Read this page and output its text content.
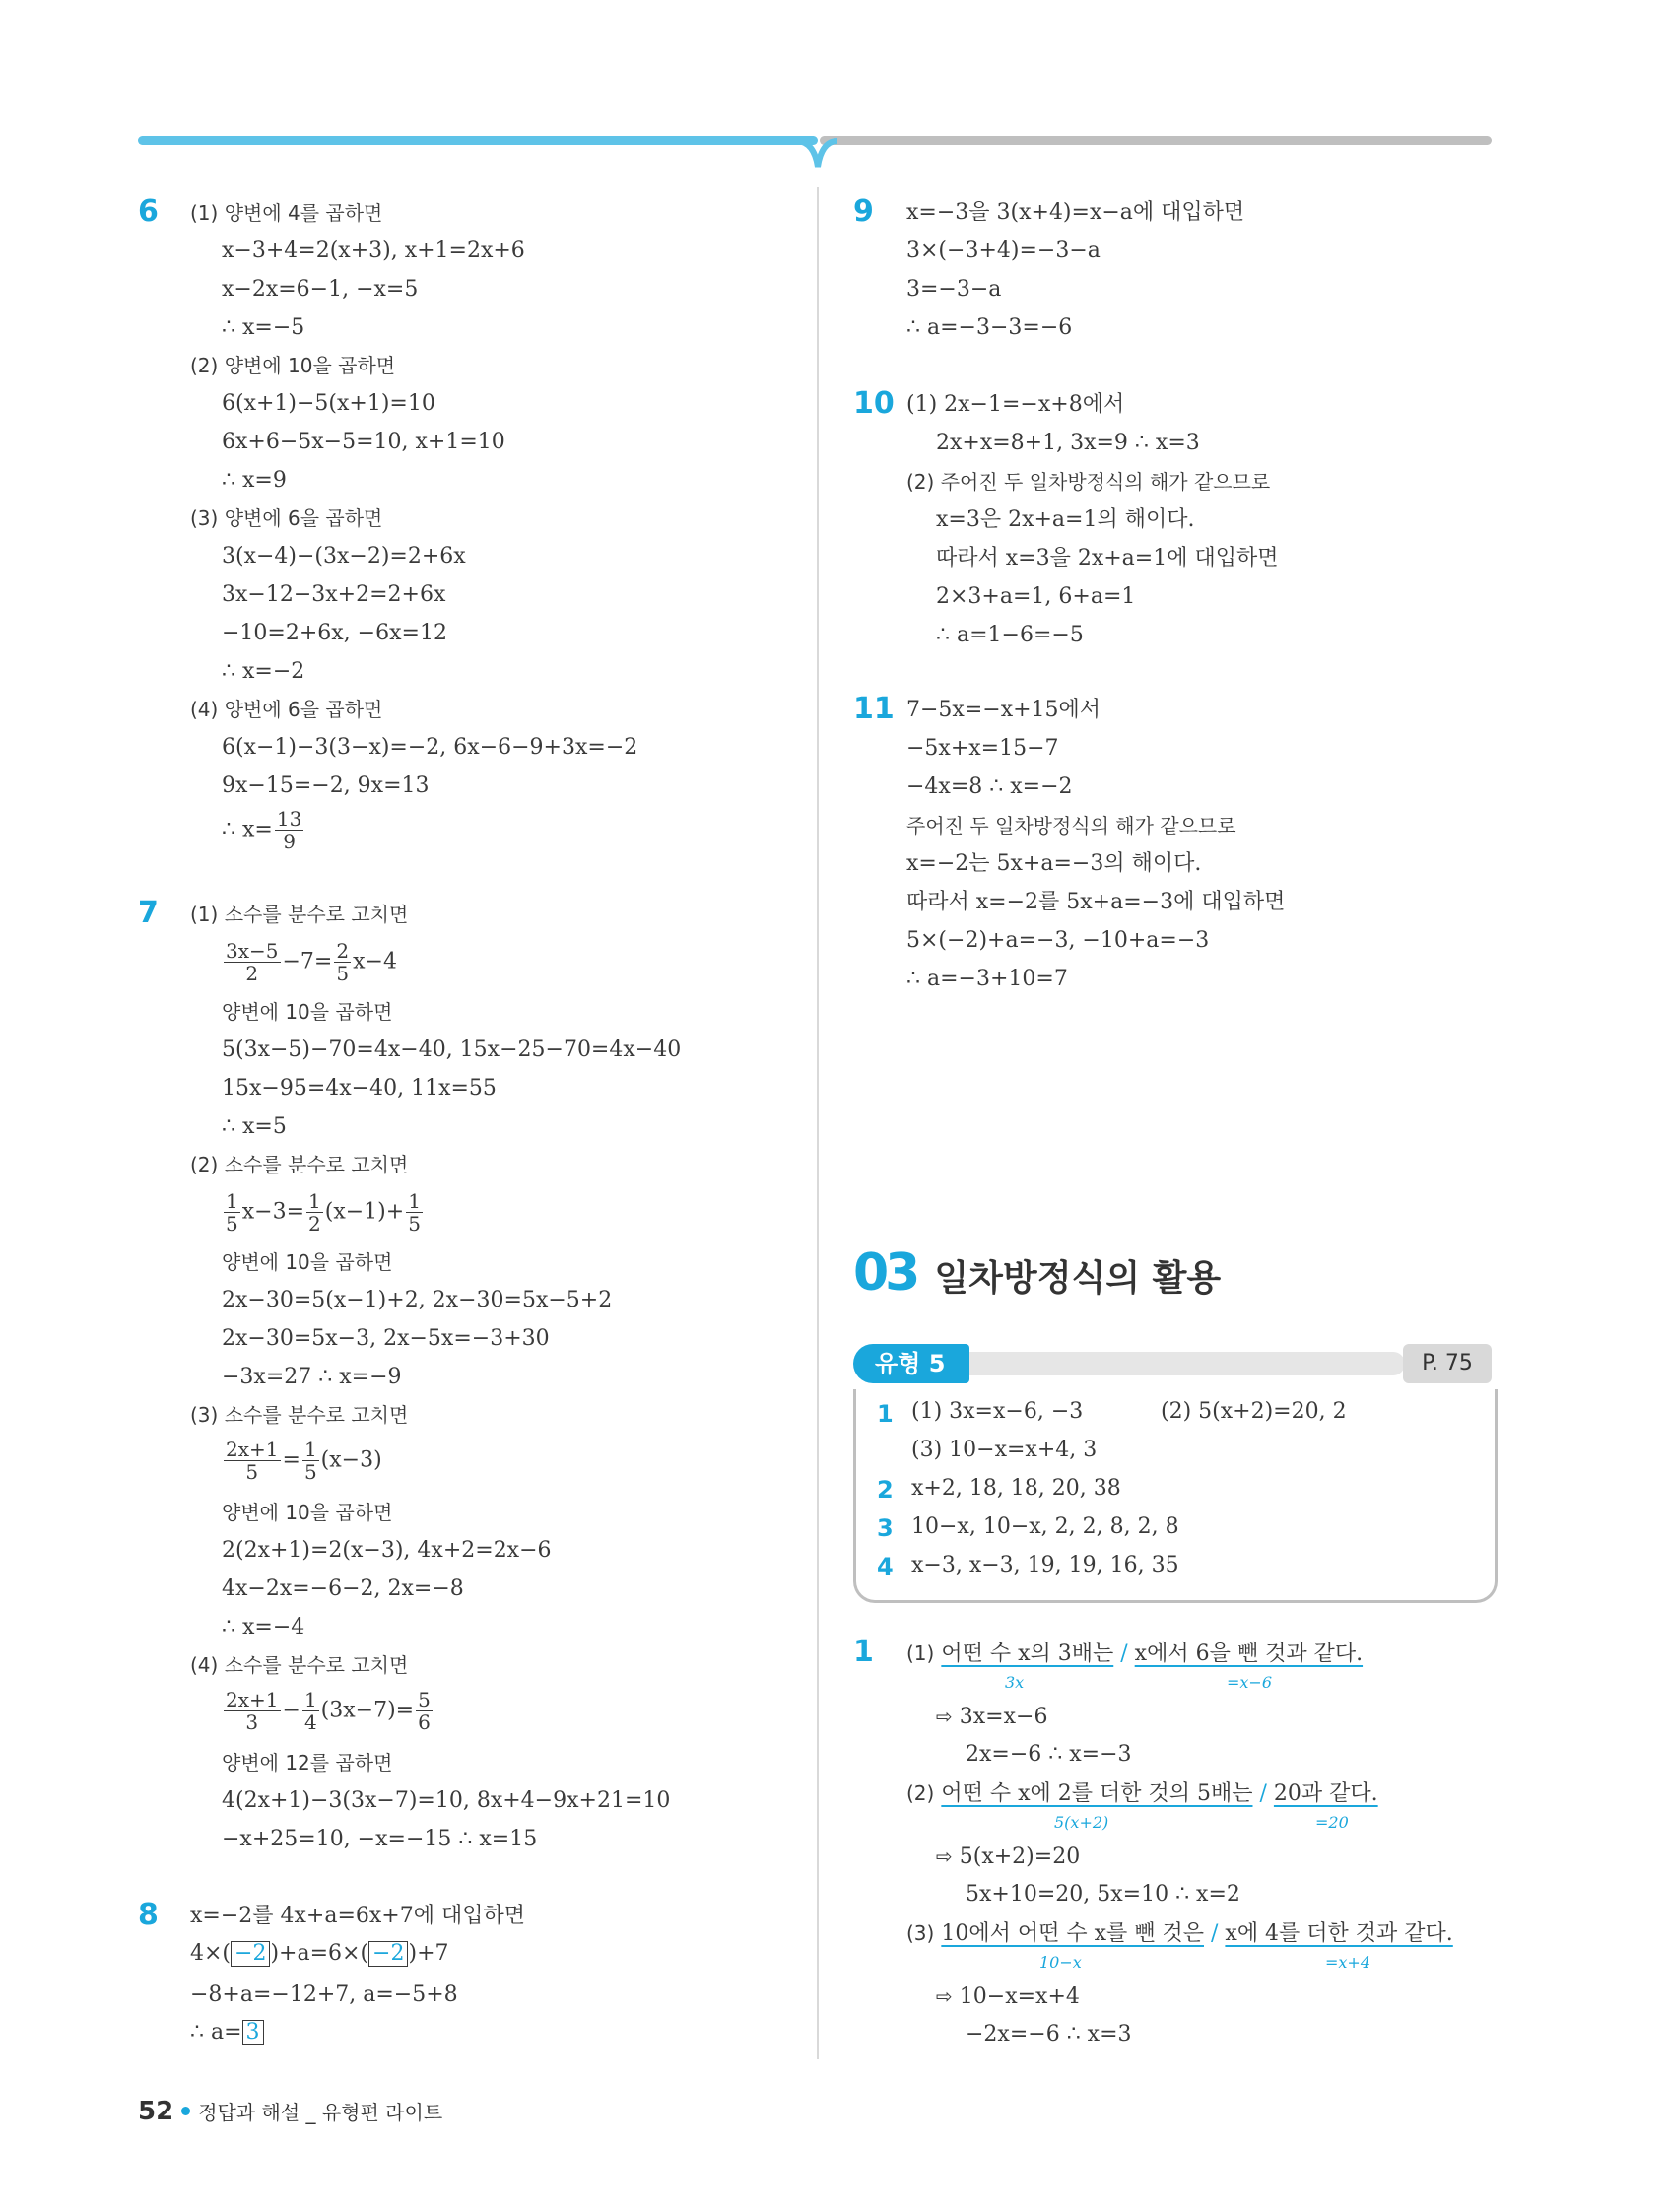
6 (1) 양변에 4를 곱하면
x−3+4=2(x+3), x+1=2x+6
x−2x=6−1, −x=5
∴ x=−5
(2) 양변에 10을 곱하면
6(x+1)−5(x+1)=10
6x+6−5x−5=10, x+1=10
∴ x=9
(3) 양변에 6을 곱하면
3(x−4)−(3x−2)=2+6x
3x−12−3x+2=2+6x
−10=2+6x, −6x=12
∴ x=−2
(4) 양변에 6을 곱하면
6(x−1)−3(3−x)=−2, 6x−6−9+3x=−2
9x−15=−2, 9x=13
∴ $x= \frac{13}{9}$
7 (1) 소수를 분수로 고치면
$\frac{3x-5}{2} -7= \frac{2}{5} x-4$
양변에 10을 곱하면
5(3x−5)−70=4x−40, 15x−25−70=4x−40
15x−95=4x−40, 11x=55
∴ x=5
(2) 소수를 분수로 고치면
$\frac{1}{5} x-3= \frac{1}{2} (x-1)+ \frac{1}{5}$
양변에 10을 곱하면
2x−30=5(x−1)+2, 2x−30=5x−5+2
2x−30=5x−3, 2x−5x=−3+30
−3x=27 ∴ x=−9
(3) 소수를 분수로 고치면
$\frac{2x+1}{5} = \frac{1}{5} (x-3)$
양변에 10을 곱하면
2(2x+1)=2(x−3), 4x+2=2x−6
4x−2x=−6−2, 2x=−8
∴ x=−4
(4) 소수를 분수로 고치면
$\frac{2x+1}{3} - \frac{1}{4} (3x-7)= \frac{5}{6}$
양변에 12를 곱하면
4(2x+1)−3(3x−7)=10, 8x+4−9x+21=10
−x+25=10, −x=−15 ∴ x=15
8 x=−2를 4x+a=6x+7에 대입하면
4×( −2 )+a=6×( −2 )+7
−8+a=−12+7, a=−5+8
∴ a= 3
9 x=−3을 3(x+4)=x−a에 대입하면
3×(−3+4)=−3−a
3=−3−a
∴ a=−3−3=−6
10 (1) 2x−1=−x+8에서
2x+x=8+1, 3x=9 ∴ x=3
(2) 주어진 두 일차방정식의 해가 같으므로
x=3은 2x+a=1의 해이다.
따라서 x=3을 2x+a=1에 대입하면
2×3+a=1, 6+a=1
∴ a=1−6=−5
11 7−5x=−x+15에서
−5x+x=15−7
−4x=8 ∴ x=−2
주어진 두 일차방정식의 해가 같으므로
x=−2는 5x+a=−3의 해이다.
따라서 x=−2를 5x+a=−3에 대입하면
5×(−2)+a=−3, −10+a=−3
∴ a=−3+10=7
03 일차방정식의 활용
유형 5	P. 75
1 (1) 3x=x−6, −3	(2) 5(x+2)=20, 2
(3) 10−x=x+4, 3
2 x+2, 18, 18, 20, 38
3 10−x, 10−x, 2, 2, 8, 2, 8
4 x−3, x−3, 19, 19, 16, 35
1 (1) 어떤 수 x의 3배는 / x에서 6을 뺀 것과 같다.
3x	=x−6
⇨ 3x=x−6
2x=−6 ∴ x=−3
(2) 어떤 수 x에 2를 더한 것의 5배는 / 20과 같다.
5(x+2)	=20
⇨ 5(x+2)=20
5x+10=20, 5x=10 ∴ x=2
(3) 10에서 어떤 수 x를 뺀 것은 / x에 4를 더한 것과 같다.
10−x	=x+4
⇨ 10−x=x+4
−2x=−6 ∴ x=3
52 정답과 해설 _ 유형편 라이트
